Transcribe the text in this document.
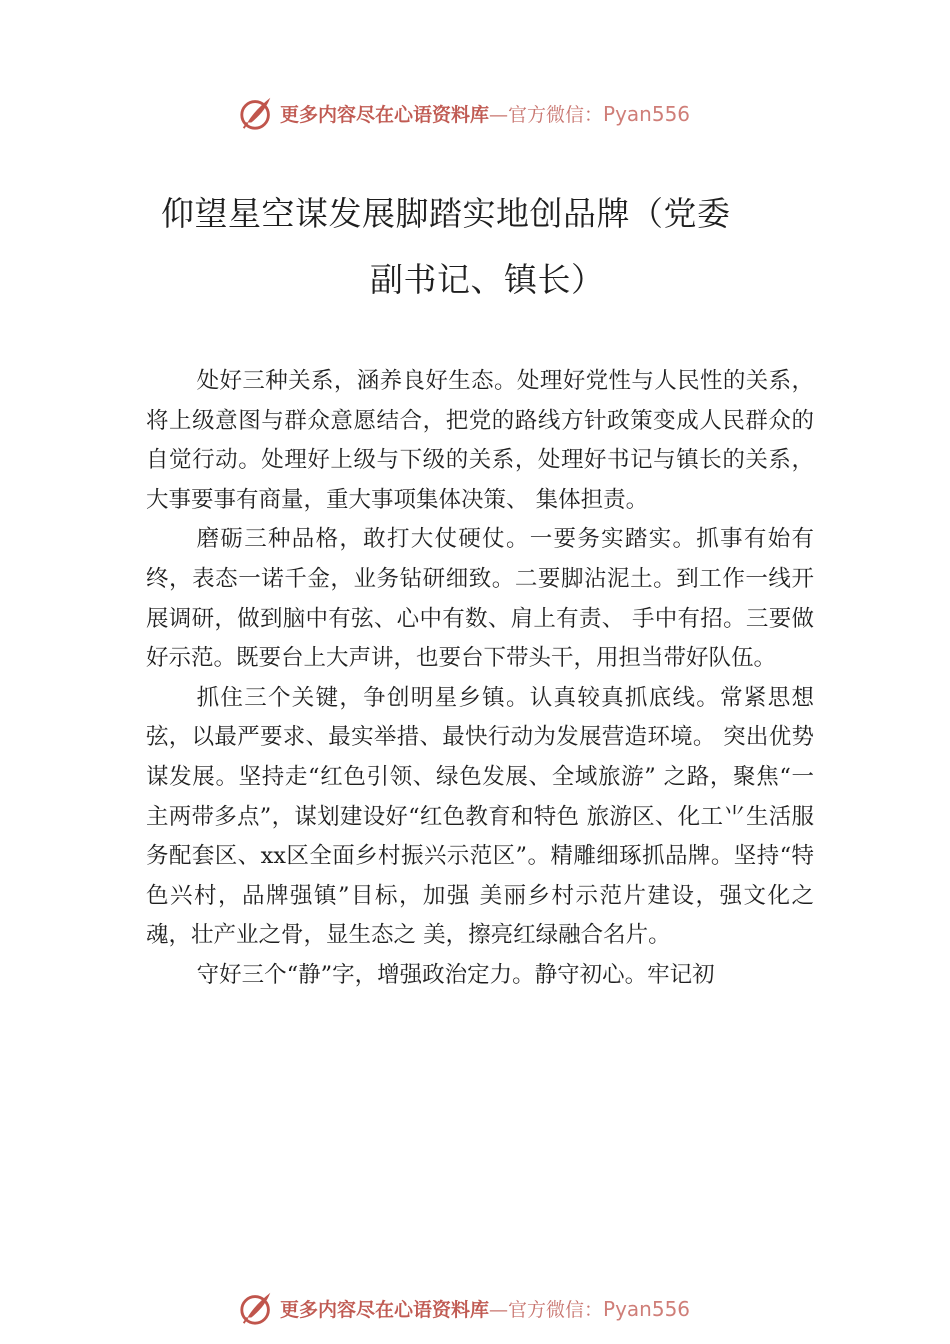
更多内容尽在心语资料库—官方微信：Pyan556
仰望星空谋发展脚踏实地创品牌（党委
副书记、镇长）

处好三种关系，涵养良好生态。处理好党性与人民性的关系，将上级意图与群众意愿结合，把党的路线方针政策变成人民群众的自觉行动。处理好上级与下级的关系，处理好书记与镇长的关系，大事要事有商量，重大事项集体决策、 集体担责。

磨砺三种品格，敢打大仗硬仗。一要务实踏实。抓事有始有终，表态一诺千金，业务钻研细致。二要脚沾泥土。到工作一线开展调研，做到脑中有弦、心中有数、肩上有责、 手中有招。三要做好示范。既要台上大声讲，也要台下带头干，用担当带好队伍。

抓住三个关键，争创明星乡镇。认真较真抓底线。常紧思想弦，以最严要求、最实举措、最快行动为发展营造环境。 突出优势谋发展。坚持走“红色引领、绿色发展、全域旅游” 之路，聚焦“一主两带多点”，谋划建设好“红色教育和特色 旅游区、化工⺌生活服务配套区、xx区全面乡村振兴示范区”。精雕细琢抓品牌。坚持“特色兴村，品牌强镇”目标，加强 美丽乡村示范片建设，强文化之魂，壮产业之骨，显生态之 美，擦亮红绿融合名片。

守好三个“静”字，增强政治定力。静守初心。牢记初

更多内容尽在心语资料库—官方微信：Pyan556
